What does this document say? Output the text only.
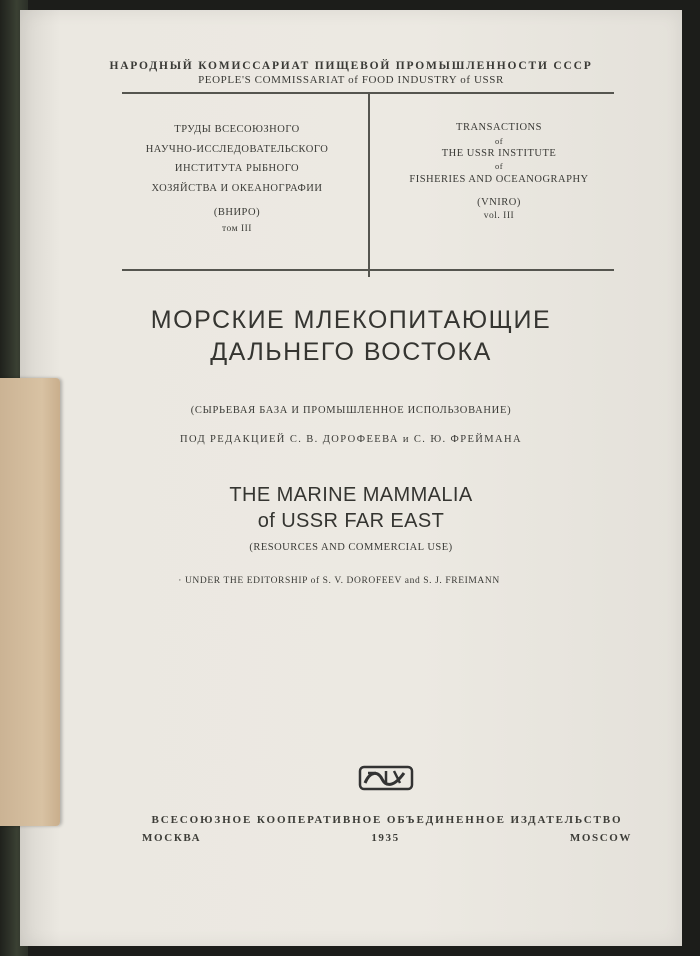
НАРОДНЫЙ КОМИССАРИАТ ПИЩЕВОЙ ПРОМЫШЛЕННОСТИ СССР
PEOPLE'S COMMISSARIAT of FOOD INDUSTRY of USSR
ТРУДЫ ВСЕСОЮЗНОГО
НАУЧНО-ИССЛЕДОВАТЕЛЬСКОГО
ИНСТИТУТА РЫБНОГО
ХОЗЯЙСТВА И ОКЕАНОГРАФИИ
(ВНИРО)
том III
TRANSACTIONS
of
THE USSR INSTITUTE
of
FISHERIES AND OCEANOGRAPHY
(VNIRO)
vol. III
МОРСКИЕ МЛЕКОПИТАЮЩИЕ
ДАЛЬНЕГО ВОСТОКА
(СЫРЬЕВАЯ БАЗА И ПРОМЫШЛЕННОЕ ИСПОЛЬЗОВАНИЕ)
ПОД РЕДАКЦИЕЙ С. В. ДОРОФЕЕВА и С. Ю. ФРЕЙМАНА
THE MARINE MAMMALIA
of USSR FAR EAST
(RESOURCES AND COMMERCIAL USE)
· UNDER THE EDITORSHIP of S. V. DOROFEEV and S. J. FREIMANN
ВСЕСОЮЗНОЕ КООПЕРАТИВНОЕ ОБЪЕДИНЕННОЕ ИЗДАТЕЛЬСТВО
МОСКВА	1935	MOSCOW
